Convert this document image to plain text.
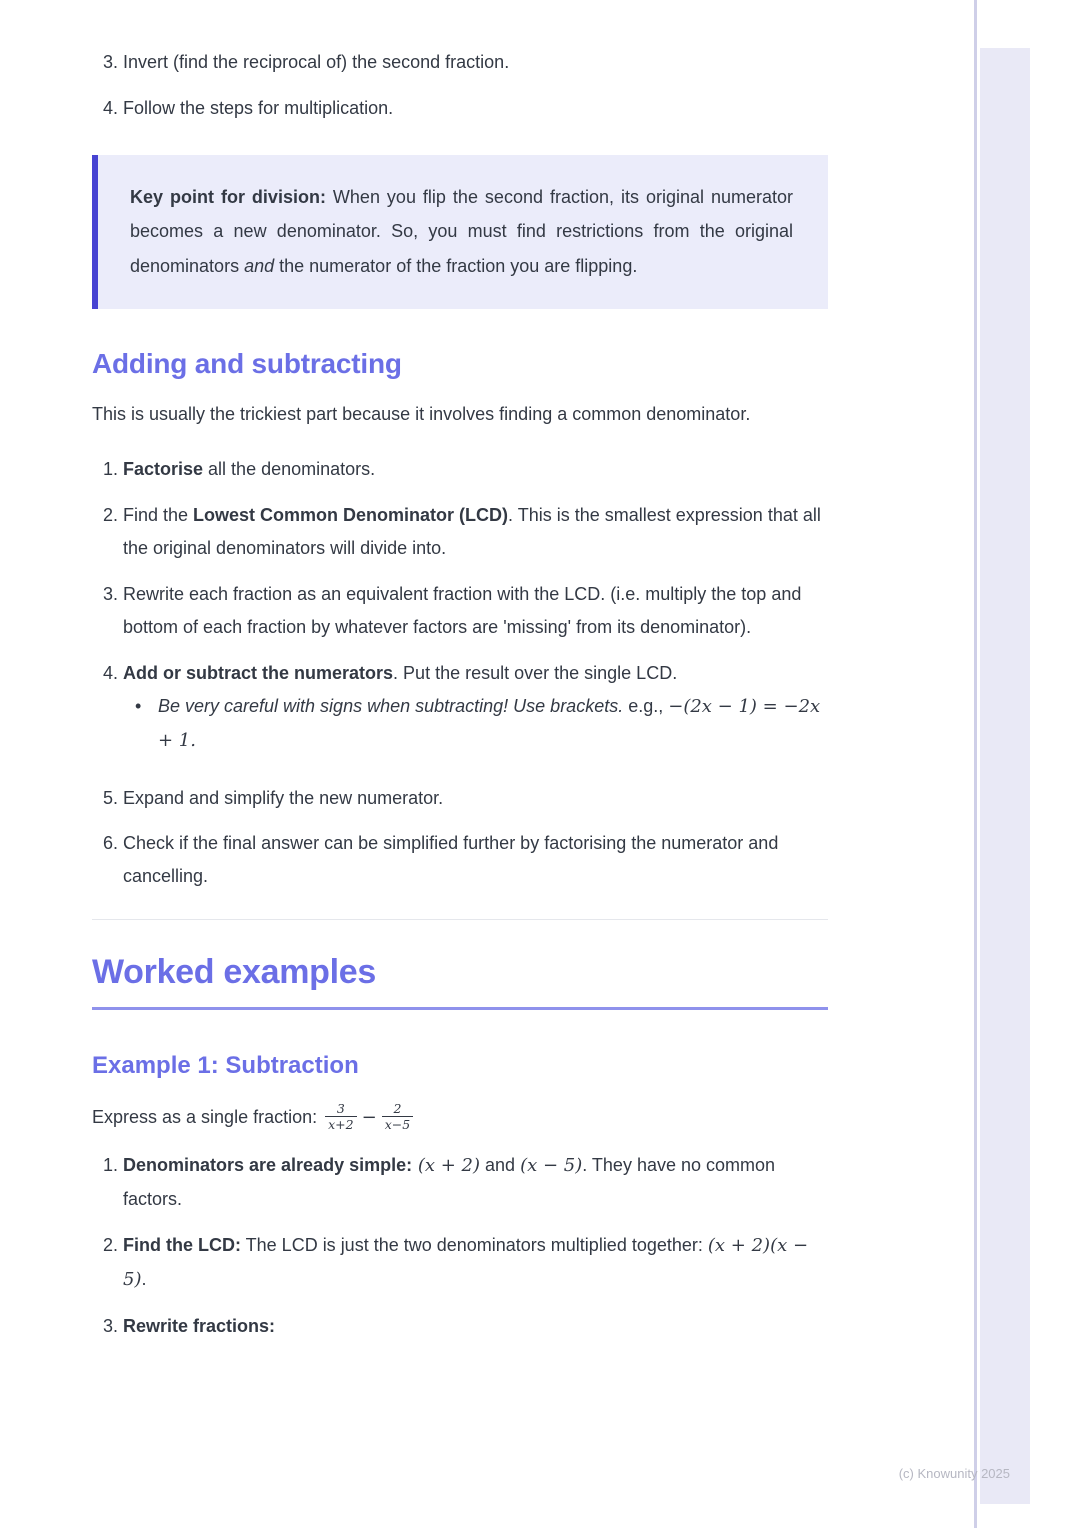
3. Invert (find the reciprocal of) the second fraction.
4. Follow the steps for multiplication.

Key point for division: When you flip the second fraction, its original numerator becomes a new denominator. So, you must find restrictions from the original denominators and the numerator of the fraction you are flipping.

Adding and subtracting

This is usually the trickiest part because it involves finding a common denominator.

1. Factorise all the denominators.
2. Find the Lowest Common Denominator (LCD). This is the smallest expression that all the original denominators will divide into.
3. Rewrite each fraction as an equivalent fraction with the LCD. (i.e. multiply the top and bottom of each fraction by whatever factors are 'missing' from its denominator).
4. Add or subtract the numerators. Put the result over the single LCD.
• Be very careful with signs when subtracting! Use brackets. e.g., −(2x − 1) = −2x + 1.
5. Expand and simplify the new numerator.
6. Check if the final answer can be simplified further by factorising the numerator and cancelling.
Worked examples
Example 1: Subtraction

Express as a single fraction: $\frac{3}{x+2} - \frac{2}{x-5}$

1. Denominators are already simple: (x + 2) and (x − 5). They have no common factors.
2. Find the LCD: The LCD is just the two denominators multiplied together: (x + 2)(x − 5).
3. Rewrite fractions:
(c) Knowunity 2025
